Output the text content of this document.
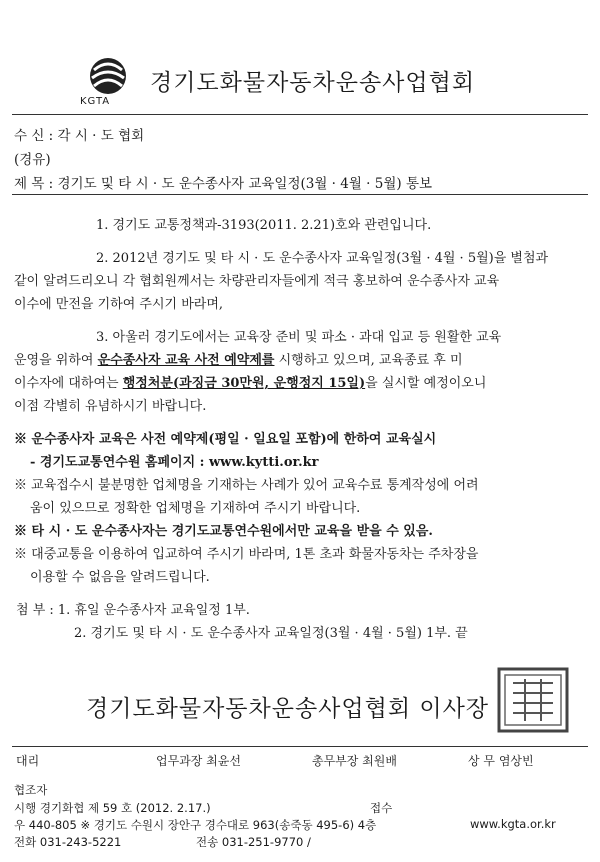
KGTA
경기도화물자동차운송사업협회
수 신 : 각 시 · 도 협회
(경유)
제 목 : 경기도 및 타 시 · 도 운수종사자 교육일정(3월 · 4월 · 5월) 통보
1. 경기도 교통정책과-3193(2011. 2.21)호와 관련입니다.
2. 2012년 경기도 및 타 시 · 도 운수종사자 교육일정(3월 · 4월 · 5월)을 별첨과
같이 알려드리오니 각 협회원께서는 차량관리자들에게 적극 홍보하여 운수종사자 교육
이수에 만전을 기하여 주시기 바라며,
3. 아울러 경기도에서는 교육장 준비 및 파소 · 과대 입교 등 원활한 교육
운영을 위하여 운수종사자 교육 사전 예약제를 시행하고 있으며, 교육종료 후 미
이수자에 대하여는 행정처분(과징금 30만원, 운행정지 15일)을 실시할 예정이오니
이점 각별히 유념하시기 바랍니다.
※ 운수종사자 교육은 사전 예약제(평일 · 일요일 포함)에 한하여 교육실시
- 경기도교통연수원 홈페이지 : www.kytti.or.kr
※ 교육접수시 불분명한 업체명을 기재하는 사례가 있어 교육수료 통계작성에 어려
움이 있으므로 정확한 업체명을 기재하여 주시기 바랍니다.
※ 타 시 · 도 운수종사자는 경기도교통연수원에서만 교육을 받을 수 있음.
※ 대중교통을 이용하여 입교하여 주시기 바라며, 1톤 초과 화물자동차는 주차장을
이용할 수 없음을 알려드립니다.
첨 부 : 1. 휴일 운수종사자 교육일정 1부.
2. 경기도 및 타 시 · 도 운수종사자 교육일정(3월 · 4월 · 5월) 1부. 끝
경기도화물자동차운송사업협회 이사장
대리	업무과장 최윤선	총무부장 최원배	상 무 염상빈
협조자
시행 경기화협 제 59 호 (2012. 2.17.)	접수
우 440-805 ※ 경기도 수원시 장안구 경수대로 963(송죽동 495-6) 4층	www.kgta.or.kr
전화 031-243-5221	전송 031-251-9770 /
